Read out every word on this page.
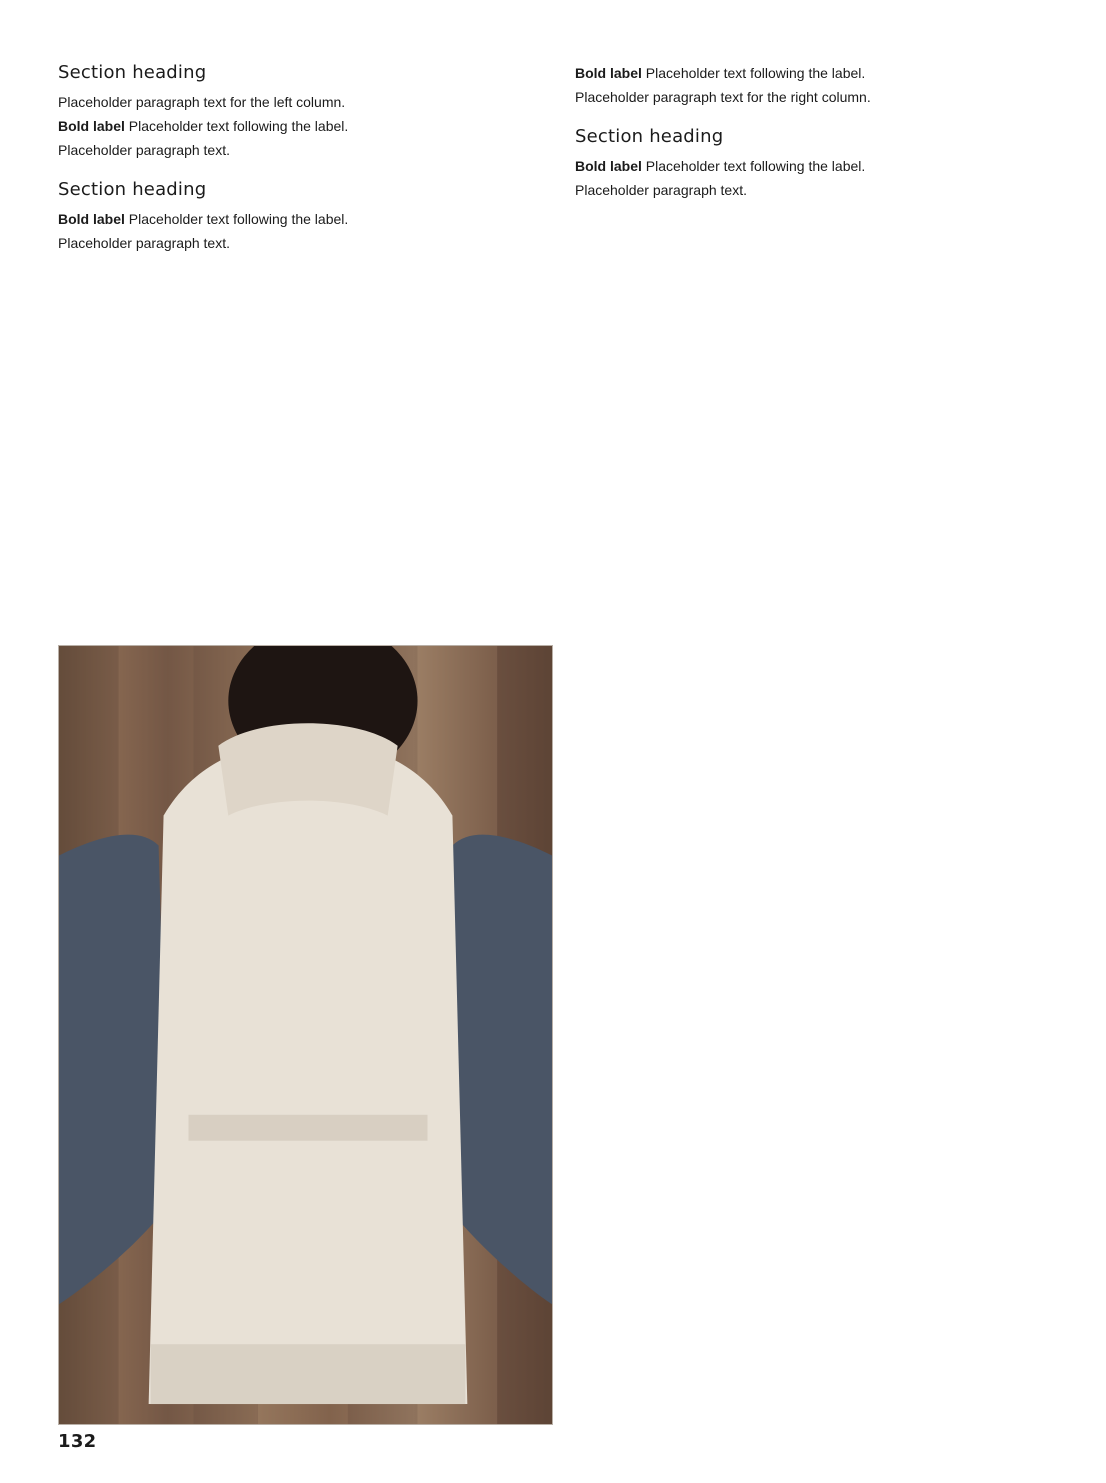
Section heading
Placeholder paragraph text for the left column.
Bold label Placeholder text following the label.
Placeholder paragraph text.
Section heading
Bold label Placeholder text following the label.
Placeholder paragraph text.
Bold label Placeholder text following the label.
Placeholder paragraph text for the right column.
Section heading
Bold label Placeholder text following the label.
Placeholder paragraph text.
132
